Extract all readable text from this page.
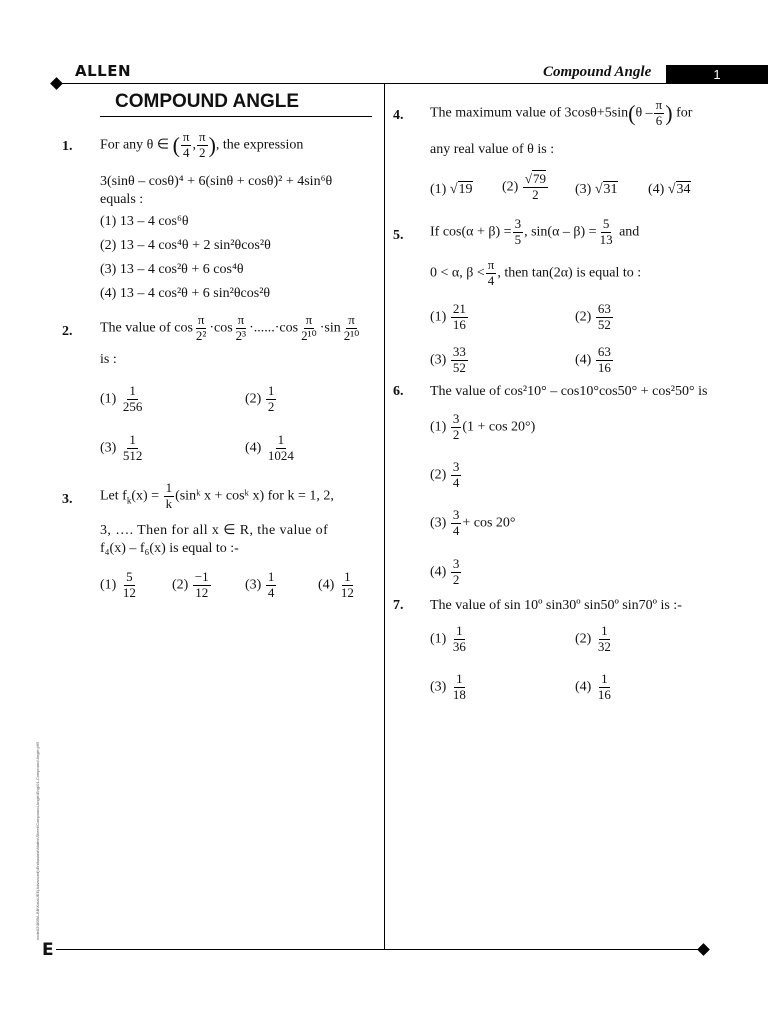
ALLEN	Compound Angle	1
COMPOUND ANGLE
1. For any θ ∈ ( $\frac{\pi}{4}$ , $\frac{\pi}{2}$ ), the expression
3(sinθ – cosθ)⁴ + 6(sinθ + cosθ)² + 4sin⁶θ
equals :
(1) 13 – 4 cos⁶θ
(2) 13 – 4 cos⁴θ + 2 sin²θcos²θ
(3) 13 – 4 cos²θ + 6 cos⁴θ
(4) 13 – 4 cos²θ + 6 sin²θcos²θ
2. The value of $\cos \frac{\pi}{\text{2²}} \cdot\cos \frac{\pi}{\text{2³}} \cdot......\cdot\cos \frac{\pi}{\text{2¹⁰}} \cdot\sin \frac{\pi}{\text{2¹⁰}}$
is :
$(1) \frac{1}{256}$	$(2) \frac{1}{2}$
$(3) \frac{1}{512}$	$(4) \frac{1}{1024}$
3. Let $f_k(x) = \frac{1}{k}$ (sinᵏ x + cosᵏ x) for k = 1, 2,
3, …. Then for all x ∈ R, the value of
f₄(x) – f₆(x) is equal to :-
$(1) \frac{5}{12} (2) \frac{-1}{12} (3) \frac{1}{4}$	$(4) \frac{1}{12}$
4. The maximum value of $3\cos\theta+5\sin(\theta - \frac{\pi}{6}$ ) for
any real value of θ is :
(1) √19 $(2) \frac{√79}{2} (3)$ √31 (4) √34
5. If $\cos(\alpha + \beta) = \frac{3}{5}$ , $\sin(\alpha - \beta) = \frac{5}{13}$ and
0 < α, $\beta < \frac{\pi}{4}$ , then tan(2α) is equal to :
$(1) \frac{21}{16}$	$(2) \frac{63}{52}$
$(3) \frac{33}{52}$	$(4) \frac{63}{16}$
6. The value of cos²10° – cos10°cos50° + cos²50° is
$(1) \frac{3}{2} (1 + \cos 20^\circ)$
$(2) \frac{3}{4}$
$(3) \frac{3}{4} + \cos 20^\circ$
$(4) \frac{3}{2}$
7. The value of sin 10º sin30º sin50º sin70º is :-
$(1) \frac{1}{36}$	$(2) \frac{1}{32}$
$(3) \frac{1}{18}$	$(4) \frac{1}{16}$
node02\B0BA-BB\Kota\JEE(Advanced)\Enthusiast\Maths\Sheet\Compound Angle\Eng\01-Compound Angle.p65
E
